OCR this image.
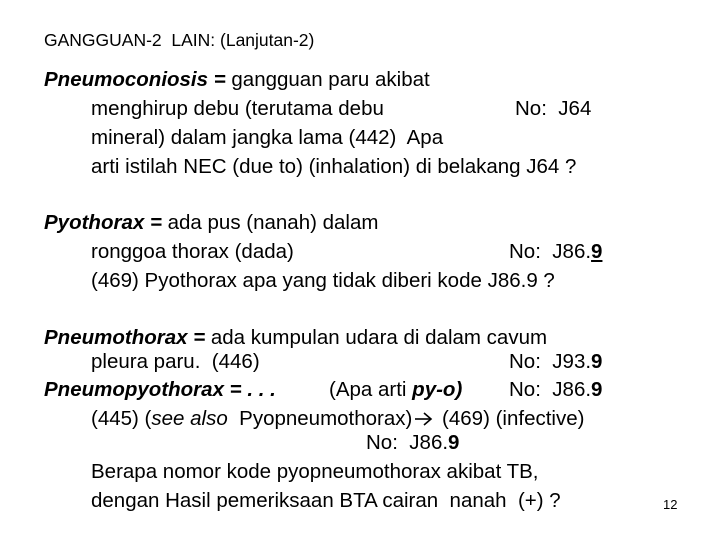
GANGGUAN-2  LAIN: (Lanjutan-2)
Pneumoconiosis = gangguan paru akibat
menghirup debu (terutama debu	No:  J64
mineral) dalam jangka lama (442)  Apa
arti istilah NEC (due to) (inhalation) di belakang J64 ?
Pyothorax = ada pus (nanah) dalam
ronggoa thorax (dada)	No:  J86.9
(469) Pyothorax apa yang tidak diberi kode J86.9 ?
Pneumothorax = ada kumpulan udara di dalam cavum
pleura paru.  (446)	No:  J93.9
Pneumopyothorax = . . .	(Apa arti py-o) No:  J86.9
(445) (see also  Pyopneumothorax) (469) (infective)
No:  J86.9
Berapa nomor kode pyopneumothorax akibat TB,
dengan Hasil pemeriksaan BTA cairan  nanah  (+) ?	12
